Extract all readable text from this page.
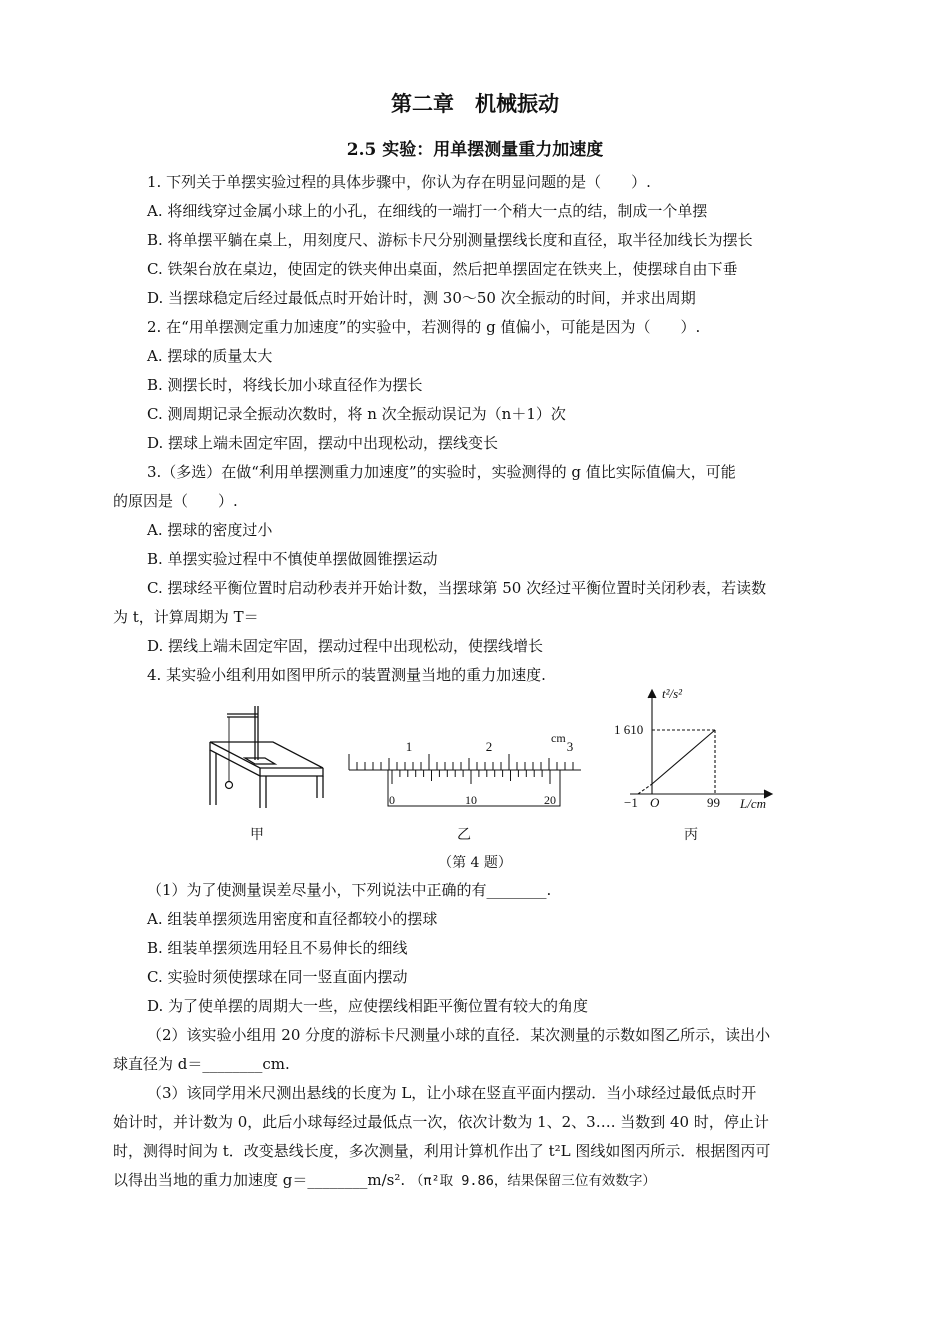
第二章　机械振动
2.5 实验：用单摆测量重力加速度
1. 下列关于单摆实验过程的具体步骤中，你认为存在明显问题的是（　　）.
A. 将细线穿过金属小球上的小孔，在细线的一端打一个稍大一点的结，制成一个单摆
B. 将单摆平躺在桌上，用刻度尺、游标卡尺分别测量摆线长度和直径，取半径加线长为摆长
C. 铁架台放在桌边，使固定的铁夹伸出桌面，然后把单摆固定在铁夹上，使摆球自由下垂
D. 当摆球稳定后经过最低点时开始计时，测 30～50 次全振动的时间，并求出周期
2. 在“用单摆测定重力加速度”的实验中，若测得的 g 值偏小，可能是因为（　　）.
A. 摆球的质量太大
B. 测摆长时，将线长加小球直径作为摆长
C. 测周期记录全振动次数时，将 n 次全振动误记为（n＋1）次
D. 摆球上端未固定牢固，摆动中出现松动，摆线变长
3.（多选）在做“利用单摆测重力加速度”的实验时，实验测得的 g 值比实际值偏大，可能
的原因是（　　）.
A. 摆球的密度过小
B. 单摆实验过程中不慎使单摆做圆锥摆运动
C. 摆球经平衡位置时启动秒表并开始计数，当摆球第 50 次经过平衡位置时关闭秒表，若读数
为 t，计算周期为 T＝
D. 摆线上端未固定牢固，摆动过程中出现松动，使摆线增长
4. 某实验小组利用如图甲所示的装置测量当地的重力加速度.
甲
cm
1	2	3
0	10	20
乙
t²/s²
1 610
L/cm
−1 O	99
丙
（第 4 题）
（1）为了使测量误差尽量小，下列说法中正确的有________.
A. 组装单摆须选用密度和直径都较小的摆球
B. 组装单摆须选用轻且不易伸长的细线
C. 实验时须使摆球在同一竖直面内摆动
D. 为了使单摆的周期大一些，应使摆线相距平衡位置有较大的角度
（2）该实验小组用 20 分度的游标卡尺测量小球的直径．某次测量的示数如图乙所示，读出小
球直径为 d＝________cm.
（3）该同学用米尺测出悬线的长度为 L，让小球在竖直平面内摆动．当小球经过最低点时开
始计时，并计数为 0，此后小球每经过最低点一次，依次计数为 1、2、3…. 当数到 40 时，停止计
时，测得时间为 t．改变悬线长度，多次测量，利用计算机作出了 t²L 图线如图丙所示．根据图丙可
以得出当地的重力加速度 g＝________m/s². （π²取 9.86，结果保留三位有效数字）
